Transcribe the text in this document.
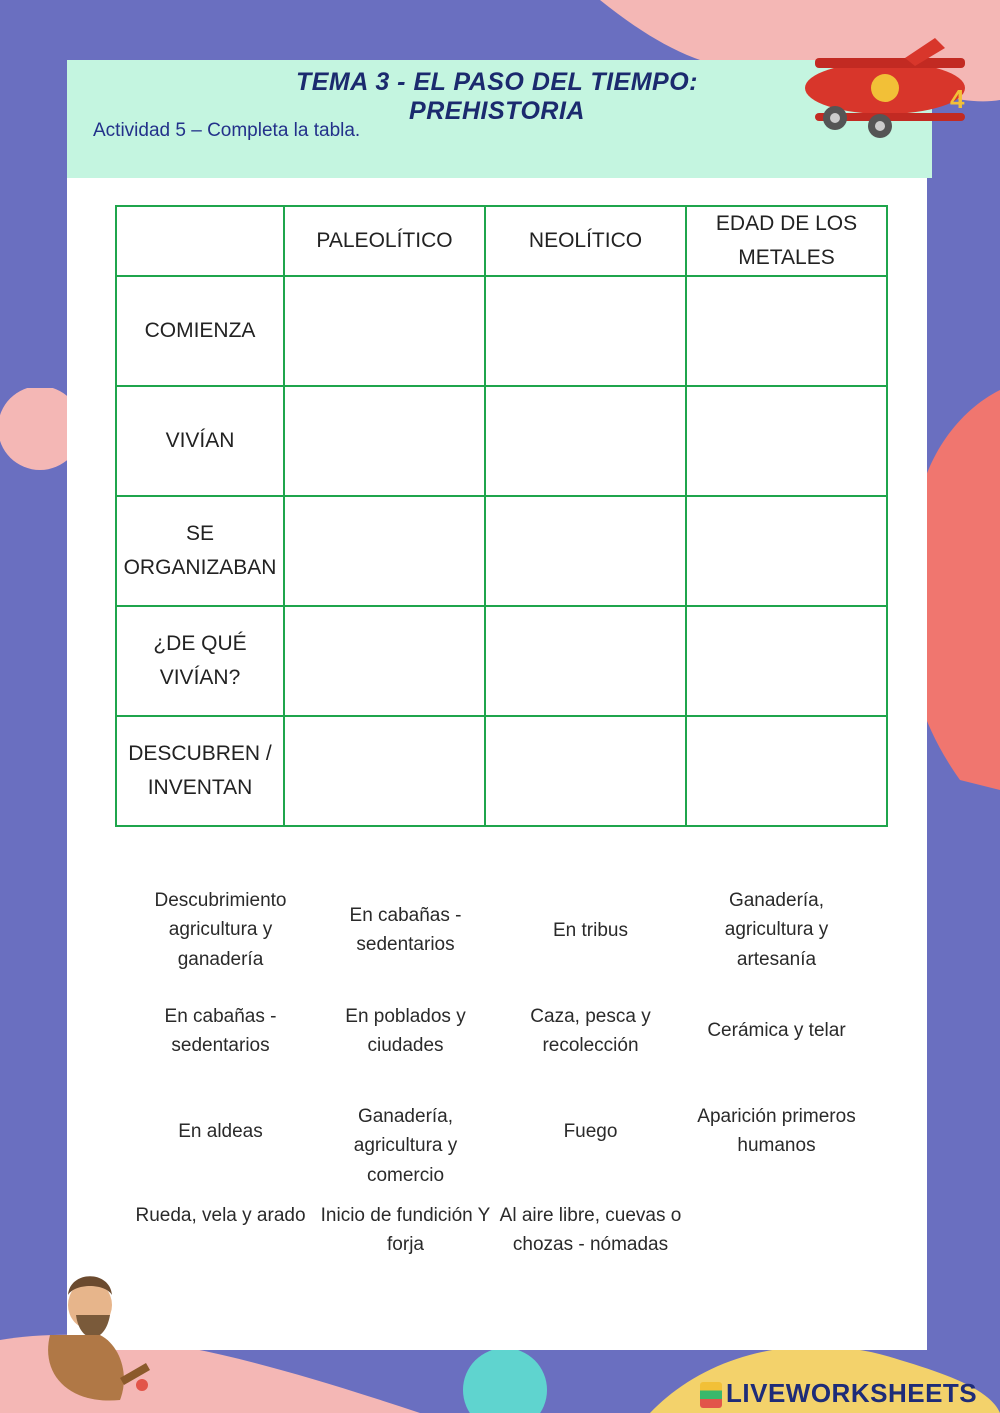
TEMA 3 - EL PASO DEL TIEMPO: PREHISTORIA
Actividad 5 – Completa la tabla.
	PALEOLÍTICO	NEOLÍTICO	EDAD DE LOS METALES
COMIENZA			
VIVÍAN			
SE ORGANIZABAN			
¿DE QUÉ VIVÍAN?			
DESCUBREN / INVENTAN			
Descubrimiento agricultura y ganadería
En cabañas - sedentarios
En tribus
Ganadería, agricultura y artesanía
En cabañas - sedentarios
En poblados y ciudades
Caza, pesca y recolección
Cerámica y telar
En aldeas
Ganadería, agricultura y comercio
Fuego
Aparición primeros humanos
Rueda, vela y arado Inicio de fundición Y forja
Al aire libre, cuevas o chozas - nómadas
4
LIVEWORKSHEETS
